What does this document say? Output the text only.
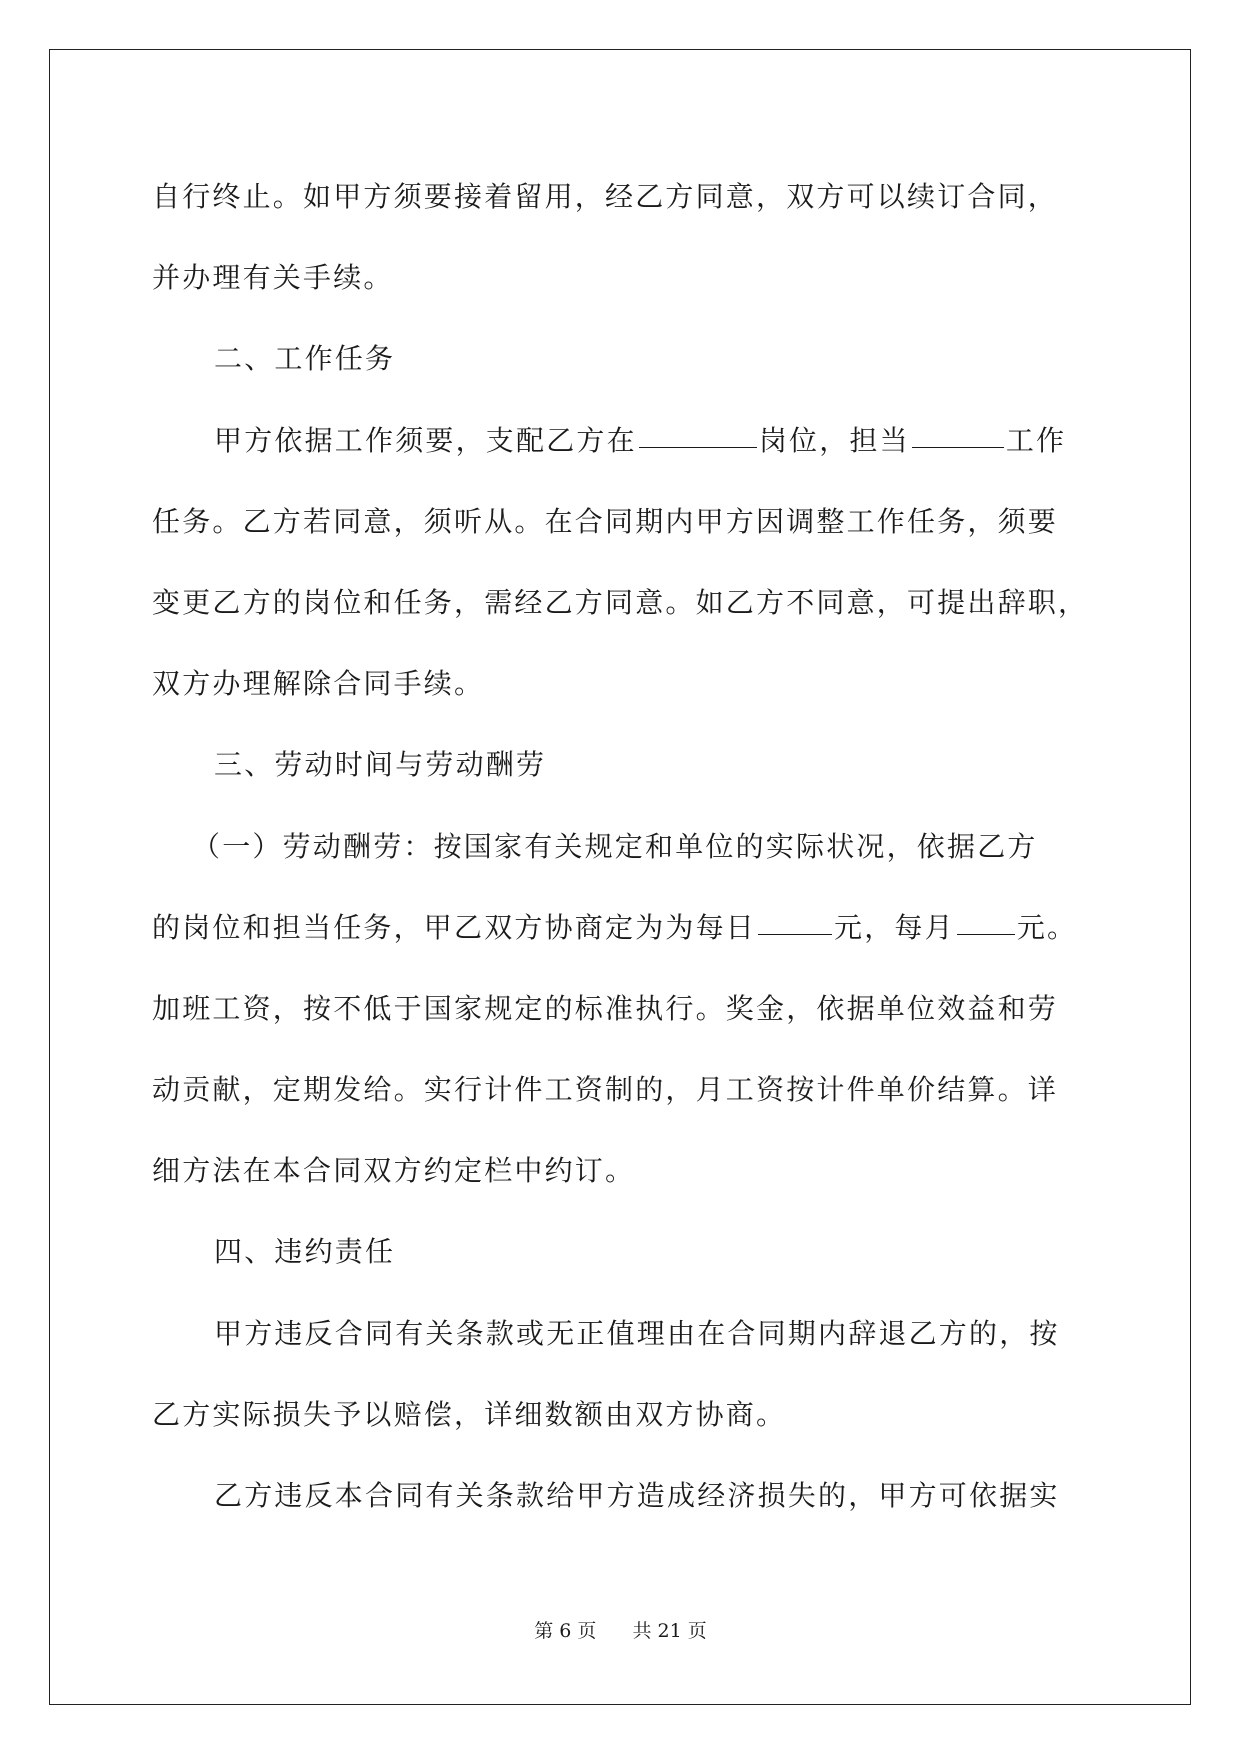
自行终止。如甲方须要接着留用，经乙方同意，双方可以续订合同，
并办理有关手续。
二、工作任务
甲方依据工作须要，支配乙方在	岗位，担当	工作
任务。乙方若同意，须听从。在合同期内甲方因调整工作任务，须要
变更乙方的岗位和任务，需经乙方同意。如乙方不同意，可提出辞职，
双方办理解除合同手续。
三、劳动时间与劳动酬劳
（一）劳动酬劳：按国家有关规定和单位的实际状况，依据乙方
的岗位和担当任务，甲乙双方协商定为为每日	元，每月 元。
加班工资，按不低于国家规定的标准执行。奖金，依据单位效益和劳
动贡献，定期发给。实行计件工资制的，月工资按计件单价结算。详
细方法在本合同双方约定栏中约订。
四、违约责任
甲方违反合同有关条款或无正值理由在合同期内辞退乙方的，按
乙方实际损失予以赔偿，详细数额由双方协商。
乙方违反本合同有关条款给甲方造成经济损失的，甲方可依据实
第 6 页 共 21 页
